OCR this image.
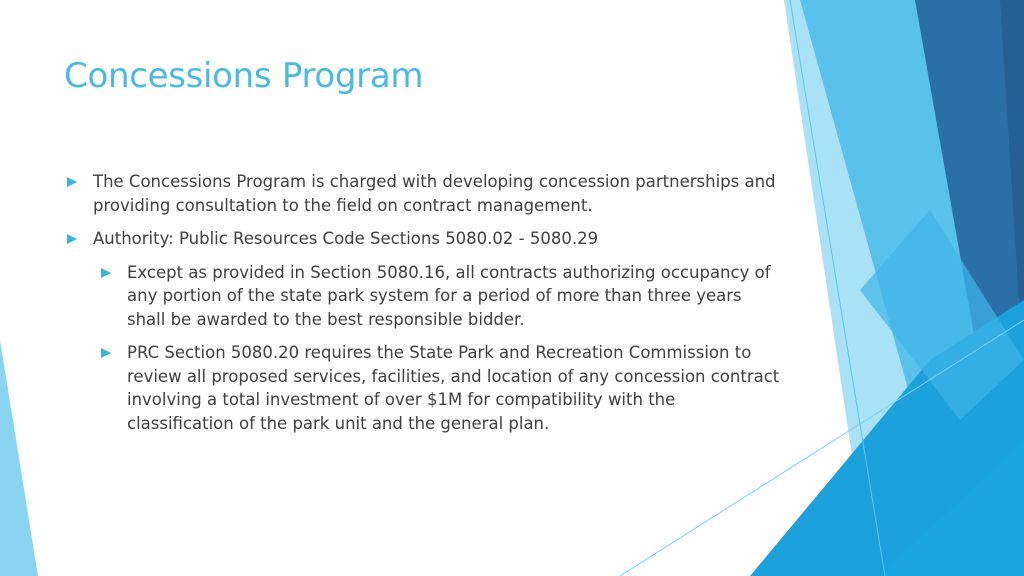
Concessions Program
The Concessions Program is charged with developing concession partnerships and providing consultation to the field on contract management.
Authority: Public Resources Code Sections 5080.02 - 5080.29
Except as provided in Section 5080.16, all contracts authorizing occupancy of any portion of the state park system for a period of more than three years shall be awarded to the best responsible bidder.
PRC Section 5080.20 requires the State Park and Recreation Commission to review all proposed services, facilities, and location of any concession contract involving a total investment of over $1M for compatibility with the classification of the park unit and the general plan.
